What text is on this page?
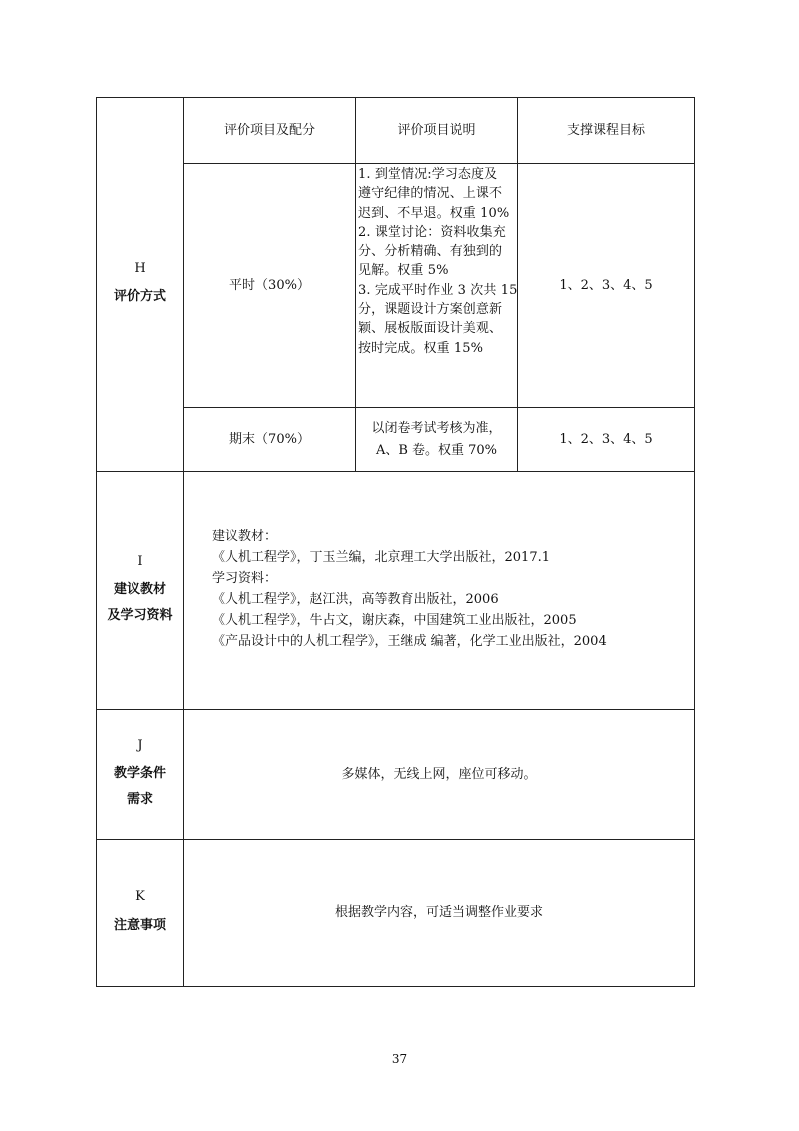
H
评价方式
评价项目及配分	评价项目说明	支撑课程目标
平时（30%）
1. 到堂情况:学习态度及
遵守纪律的情况、上课不
迟到、不早退。权重 10%
2. 课堂讨论：资料收集充
分、分析精确、有独到的
见解。权重 5%
3. 完成平时作业 3 次共 15
分，课题设计方案创意新
颖、展板版面设计美观、
按时完成。权重 15%
1、2、3、4、5
期末（70%）
以闭卷考试考核为准，
A、B 卷。权重 70%
1、2、3、4、5
I
建议教材
及学习资料
建议教材：
《人机工程学》，丁玉兰编，北京理工大学出版社，2017.1
学习资料：
《人机工程学》，赵江洪，高等教育出版社，2006
《人机工程学》，牛占文，谢庆森，中国建筑工业出版社，2005
《产品设计中的人机工程学》，王继成 编著，化学工业出版社，2004
J
教学条件
需求
多媒体，无线上网，座位可移动。
K
注意事项
根据教学内容，可适当调整作业要求
37
